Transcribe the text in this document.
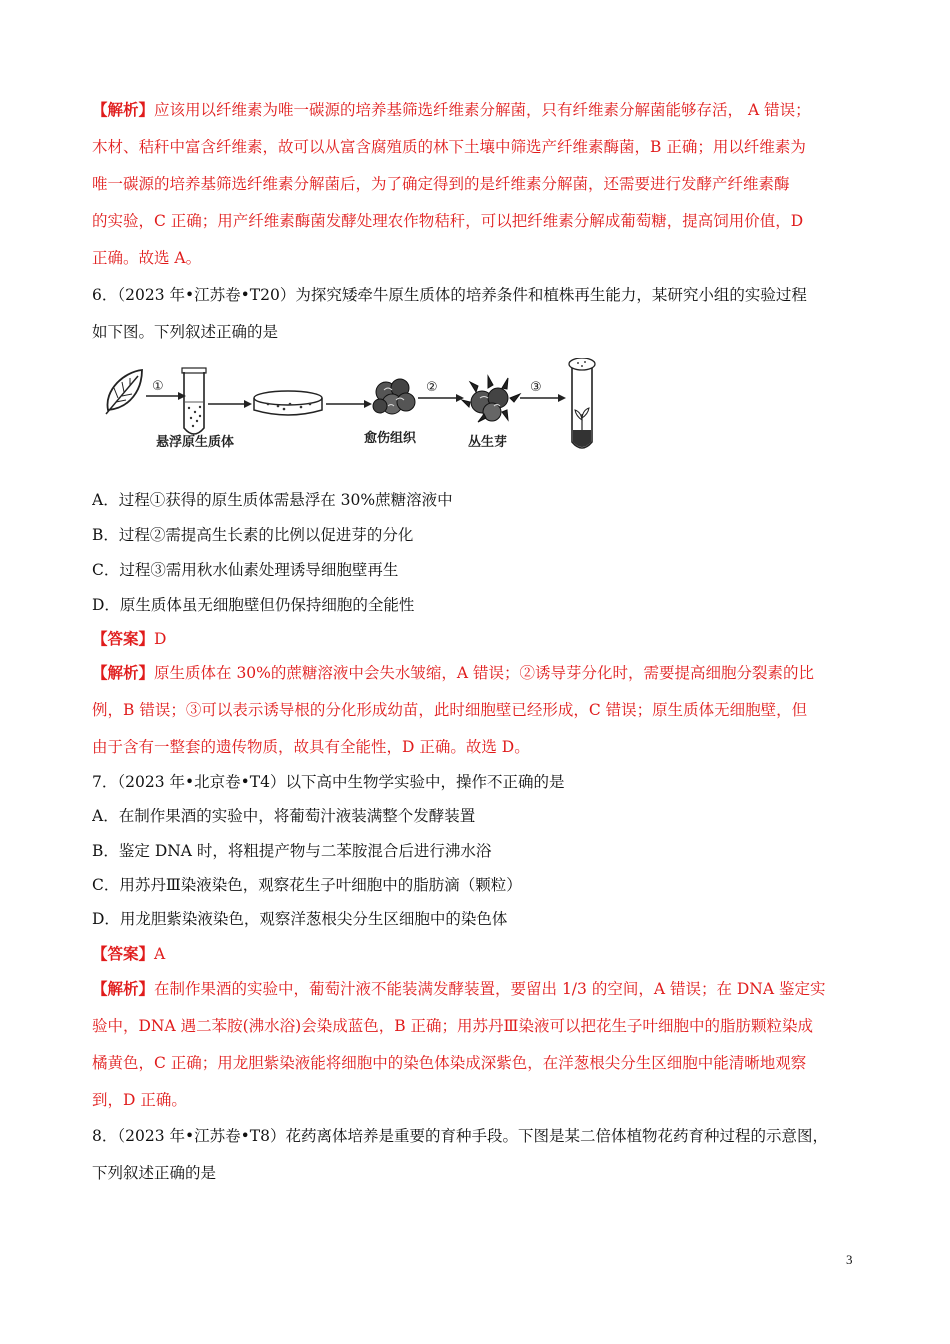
【解析】应该用以纤维素为唯一碳源的培养基筛选纤维素分解菌，只有纤维素分解菌能够存活， A 错误；
木材、秸秆中富含纤维素，故可以从富含腐殖质的林下土壤中筛选产纤维素酶菌，B 正确；用以纤维素为
唯一碳源的培养基筛选纤维素分解菌后，为了确定得到的是纤维素分解菌，还需要进行发酵产纤维素酶
的实验，C 正确；用产纤维素酶菌发酵处理农作物秸秆，可以把纤维素分解成葡萄糖，提高饲用价值，D
正确。故选 A。
6．（2023 年•江苏卷•T20）为探究矮牵牛原生质体的培养条件和植株再生能力，某研究小组的实验过程
如下图。下列叙述正确的是
①
悬浮原生质体	愈伤组织
②
丛生芽
③
A．过程①获得的原生质体需悬浮在 30%蔗糖溶液中
B．过程②需提高生长素的比例以促进芽的分化
C．过程③需用秋水仙素处理诱导细胞壁再生
D．原生质体虽无细胞壁但仍保持细胞的全能性
【答案】D
【解析】原生质体在 30%的蔗糖溶液中会失水皱缩，A 错误；②诱导芽分化时，需要提高细胞分裂素的比
例，B 错误；③可以表示诱导根的分化形成幼苗，此时细胞壁已经形成，C 错误；原生质体无细胞壁，但
由于含有一整套的遗传物质，故具有全能性，D 正确。故选 D。
7．（2023 年•北京卷•T4）以下高中生物学实验中，操作不正确的是
A．在制作果酒的实验中，将葡萄汁液装满整个发酵装置
B．鉴定 DNA 时，将粗提产物与二苯胺混合后进行沸水浴
C．用苏丹Ⅲ染液染色，观察花生子叶细胞中的脂肪滴（颗粒）
D．用龙胆紫染液染色，观察洋葱根尖分生区细胞中的染色体
【答案】A
【解析】在制作果酒的实验中，葡萄汁液不能装满发酵装置，要留出 1/3 的空间，A 错误；在 DNA 鉴定实
验中，DNA 遇二苯胺(沸水浴)会染成蓝色，B 正确；用苏丹Ⅲ染液可以把花生子叶细胞中的脂肪颗粒染成
橘黄色，C 正确；用龙胆紫染液能将细胞中的染色体染成深紫色，在洋葱根尖分生区细胞中能清晰地观察
到，D 正确。
8．（2023 年•江苏卷•T8）花药离体培养是重要的育种手段。下图是某二倍体植物花药育种过程的示意图，
下列叙述正确的是
3
